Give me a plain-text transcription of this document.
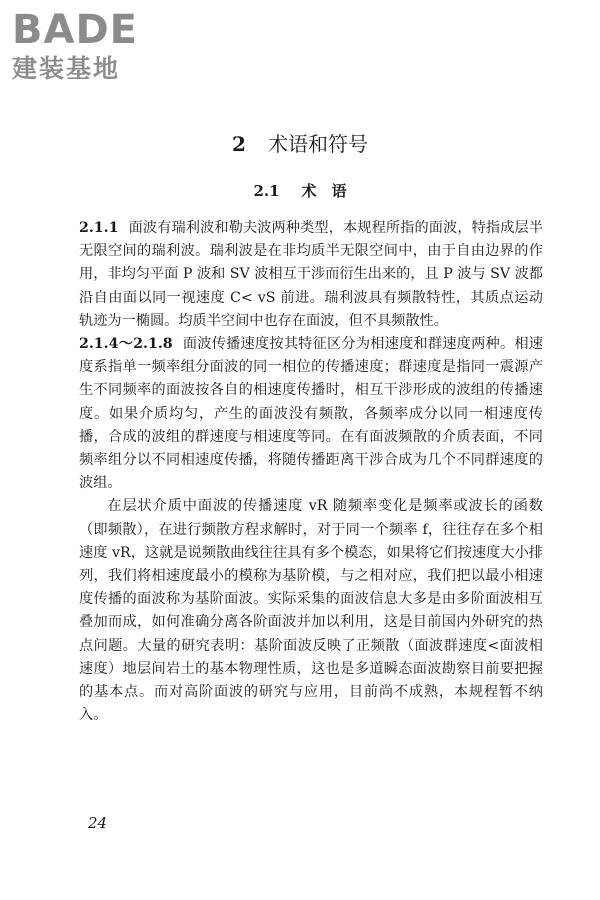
BADE
建装基地
2 术语和符号
2.1 术　语

2.1.1 面波有瑞利波和勒夫波两种类型，本规程所指的面波，特指成层半无限空间的瑞利波。瑞利波是在非均质半无限空间中，由于自由边界的作用，非均匀平面 P 波和 SV 波相互干涉而衍生出来的，且 P 波与 SV 波都沿自由面以同一视速度 C< vS 前进。瑞利波具有频散特性，其质点运动轨迹为一椭圆。均质半空间中也存在面波，但不具频散性。

2.1.4～2.1.8 面波传播速度按其特征区分为相速度和群速度两种。相速度系指单一频率组分面波的同一相位的传播速度；群速度是指同一震源产生不同频率的面波按各自的相速度传播时，相互干涉形成的波组的传播速度。如果介质均匀，产生的面波没有频散，各频率成分以同一相速度传播，合成的波组的群速度与相速度等同。在有面波频散的介质表面，不同频率组分以不同相速度传播，将随传播距离干涉合成为几个不同群速度的波组。

在层状介质中面波的传播速度 vR 随频率变化是频率或波长的函数（即频散），在进行频散方程求解时，对于同一个频率 f，往往存在多个相速度 vR，这就是说频散曲线往往具有多个模态，如果将它们按速度大小排列，我们将相速度最小的模称为基阶模，与之相对应，我们把以最小相速度传播的面波称为基阶面波。实际采集的面波信息大多是由多阶面波相互叠加而成，如何准确分离各阶面波并加以利用，这是目前国内外研究的热点问题。大量的研究表明：基阶面波反映了正频散（面波群速度<面波相速度）地层间岩土的基本物理性质，这也是多道瞬态面波勘察目前要把握的基本点。而对高阶面波的研究与应用，目前尚不成熟，本规程暂不纳入。

24
